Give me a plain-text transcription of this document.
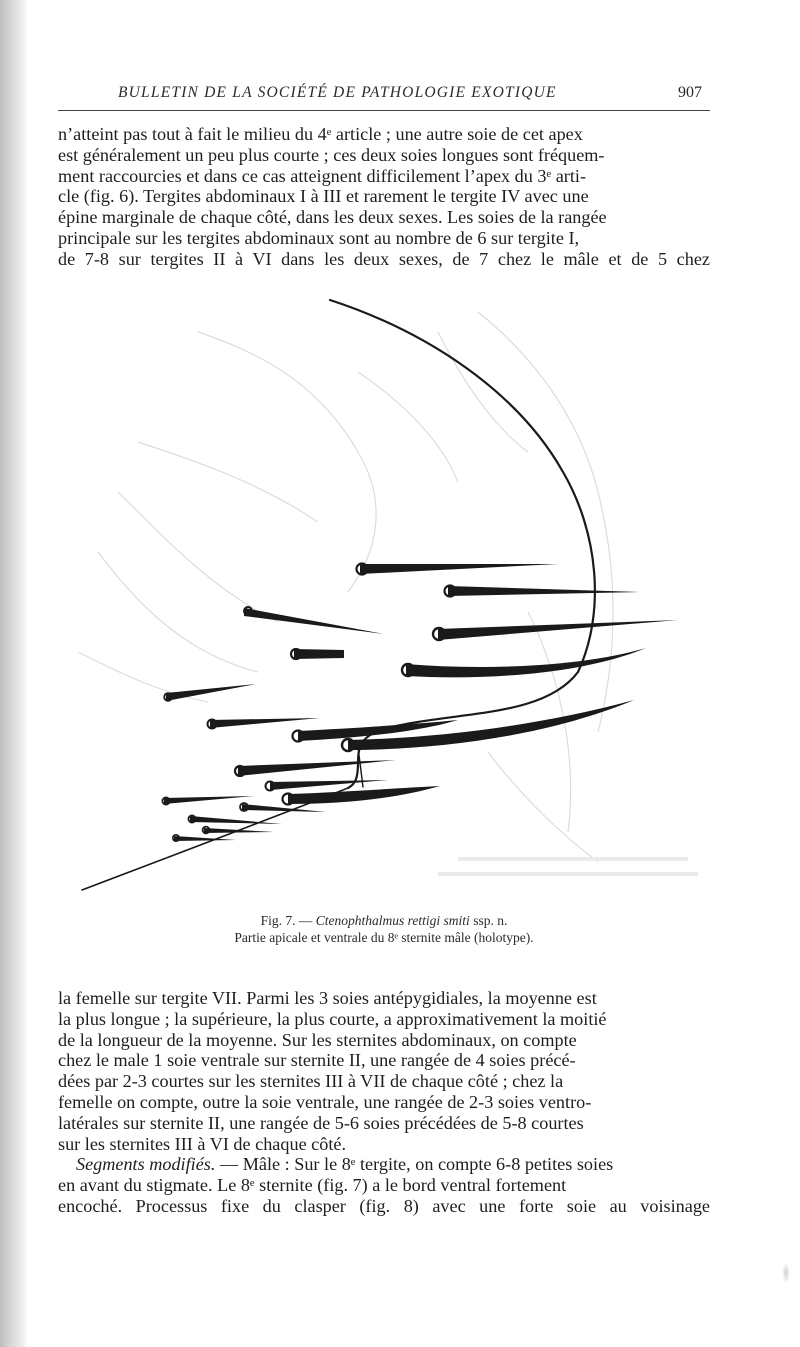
BULLETIN DE LA SOCIÉTÉ DE PATHOLOGIE EXOTIQUE	907

n’atteint pas tout à fait le milieu du 4ᵉ article ; une autre soie de cet apex

est généralement un peu plus courte ; ces deux soies longues sont fréquem-

ment raccourcies et dans ce cas atteignent difficilement l’apex du 3ᵉ arti-

cle (fig. 6). Tergites abdominaux I à III et rarement le tergite IV avec une

épine marginale de chaque côté, dans les deux sexes. Les soies de la rangée

principale sur les tergites abdominaux sont au nombre de 6 sur tergite I,

de 7-8 sur tergites II à VI dans les deux sexes, de 7 chez le mâle et de 5 chez

Fig. 7. — Ctenophthalmus rettigi smiti ssp. n.
Partie apicale et ventrale du 8ᵉ sternite mâle (holotype).

la femelle sur tergite VII. Parmi les 3 soies antépygidiales, la moyenne est

la plus longue ; la supérieure, la plus courte, a approximativement la moitié

de la longueur de la moyenne. Sur les sternites abdominaux, on compte

chez le male 1 soie ventrale sur sternite II, une rangée de 4 soies précé-

dées par 2-3 courtes sur les sternites III à VII de chaque côté ; chez la

femelle on compte, outre la soie ventrale, une rangée de 2-3 soies ventro-

latérales sur sternite II, une rangée de 5-6 soies précédées de 5-8 courtes

sur les sternites III à VI de chaque côté.

Segments modifiés. — Mâle : Sur le 8ᵉ tergite, on compte 6-8 petites soies

en avant du stigmate. Le 8ᵉ sternite (fig. 7) a le bord ventral fortement

encoché. Processus fixe du clasper (fig. 8) avec une forte soie au voisinage
